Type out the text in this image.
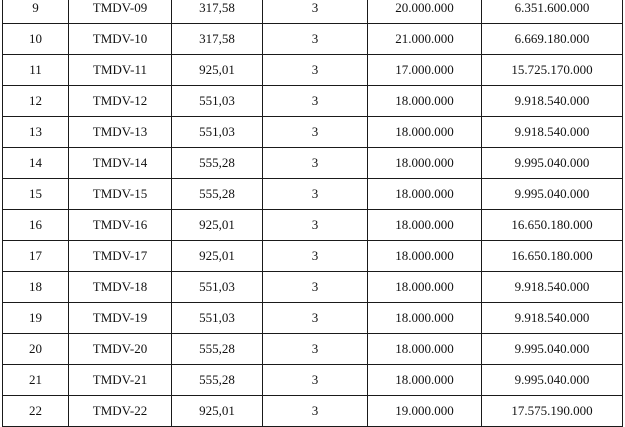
9	TMDV-09	317,58	3	20.000.000	6.351.600.000
10	TMDV-10	317,58	3	21.000.000	6.669.180.000
11	TMDV-11	925,01	3	17.000.000	15.725.170.000
12	TMDV-12	551,03	3	18.000.000	9.918.540.000
13	TMDV-13	551,03	3	18.000.000	9.918.540.000
14	TMDV-14	555,28	3	18.000.000	9.995.040.000
15	TMDV-15	555,28	3	18.000.000	9.995.040.000
16	TMDV-16	925,01	3	18.000.000	16.650.180.000
17	TMDV-17	925,01	3	18.000.000	16.650.180.000
18	TMDV-18	551,03	3	18.000.000	9.918.540.000
19	TMDV-19	551,03	3	18.000.000	9.918.540.000
20	TMDV-20	555,28	3	18.000.000	9.995.040.000
21	TMDV-21	555,28	3	18.000.000	9.995.040.000
22	TMDV-22	925,01	3	19.000.000	17.575.190.000
